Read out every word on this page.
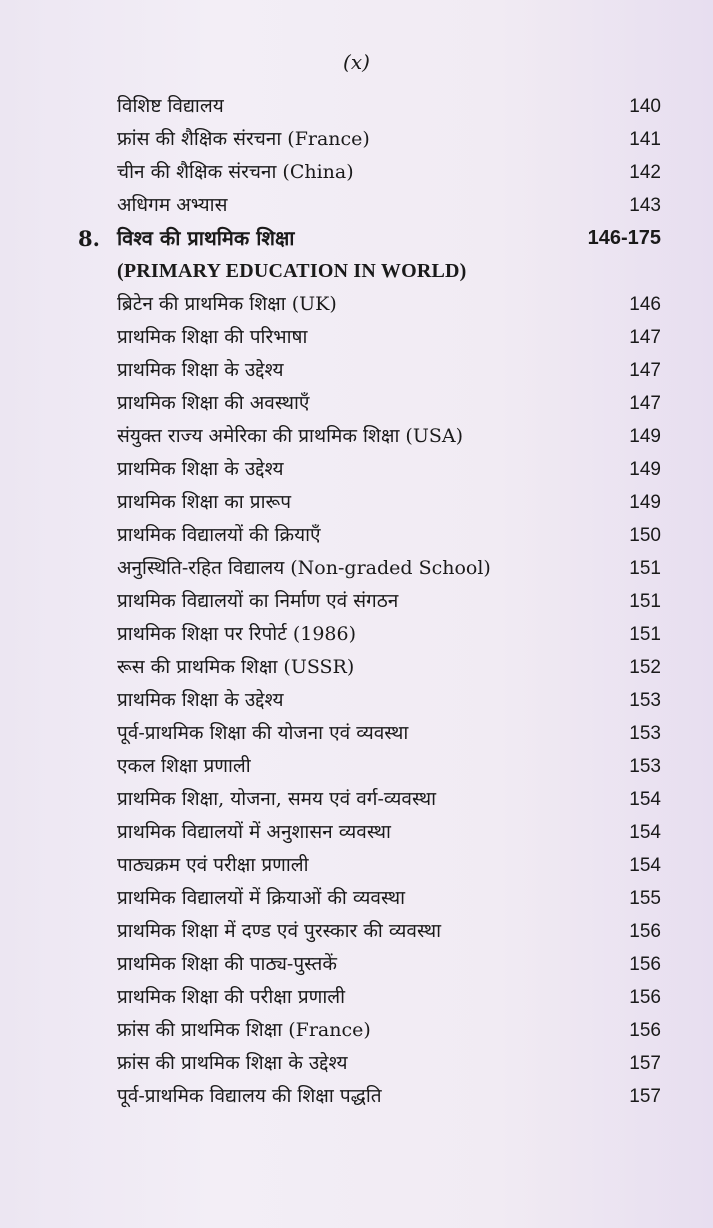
(x)
विशिष्ट विद्यालय	140
फ्रांस की शैक्षिक संरचना (France)	141
चीन की शैक्षिक संरचना (China)	142
अधिगम अभ्यास	143
8. विश्व की प्राथमिक शिक्षा	146-175
(PRIMARY EDUCATION IN WORLD)
ब्रिटेन की प्राथमिक शिक्षा (UK)	146
प्राथमिक शिक्षा की परिभाषा	147
प्राथमिक शिक्षा के उद्देश्य	147
प्राथमिक शिक्षा की अवस्थाएँ	147
संयुक्त राज्य अमेरिका की प्राथमिक शिक्षा (USA)	149
प्राथमिक शिक्षा के उद्देश्य	149
प्राथमिक शिक्षा का प्रारूप	149
प्राथमिक विद्यालयों की क्रियाएँ	150
अनुस्थिति-रहित विद्यालय (Non-graded School)	151
प्राथमिक विद्यालयों का निर्माण एवं संगठन	151
प्राथमिक शिक्षा पर रिपोर्ट (1986)	151
रूस की प्राथमिक शिक्षा (USSR)	152
प्राथमिक शिक्षा के उद्देश्य	153
पूर्व-प्राथमिक शिक्षा की योजना एवं व्यवस्था	153
एकल शिक्षा प्रणाली	153
प्राथमिक शिक्षा, योजना, समय एवं वर्ग-व्यवस्था	154
प्राथमिक विद्यालयों में अनुशासन व्यवस्था	154
पाठ्यक्रम एवं परीक्षा प्रणाली	154
प्राथमिक विद्यालयों में क्रियाओं की व्यवस्था	155
प्राथमिक शिक्षा में दण्ड एवं पुरस्कार की व्यवस्था	156
प्राथमिक शिक्षा की पाठ्य-पुस्तकें	156
प्राथमिक शिक्षा की परीक्षा प्रणाली	156
फ्रांस की प्राथमिक शिक्षा (France)	156
फ्रांस की प्राथमिक शिक्षा के उद्देश्य	157
पूर्व-प्राथमिक विद्यालय की शिक्षा पद्धति	157
